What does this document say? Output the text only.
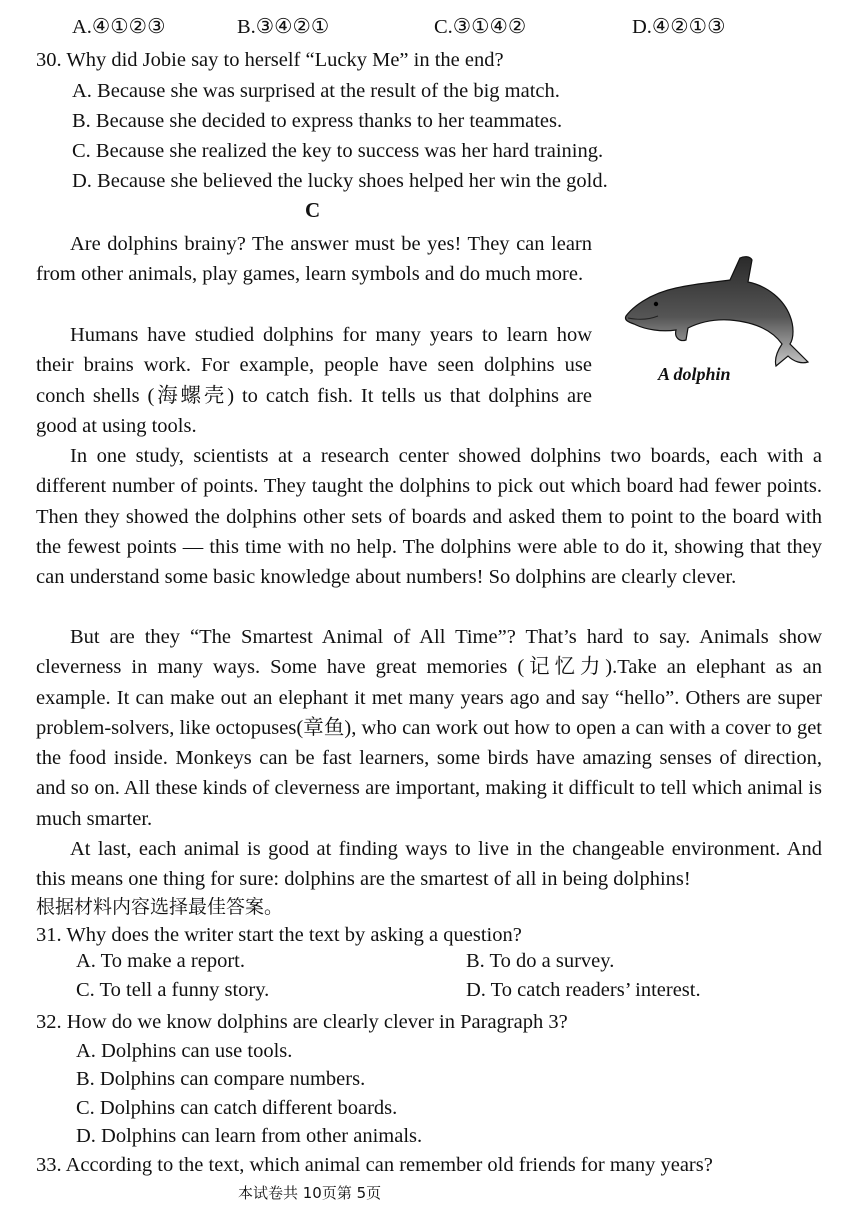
A.④①②③	B.③④②①	C.③①④②	D.④②①③
30. Why did Jobie say to herself “Lucky Me” in the end?
A. Because she was surprised at the result of the big match.
B. Because she decided to express thanks to her teammates.
C. Because she realized the key to success was her hard training.
D. Because she believed the lucky shoes helped her win the gold.
C
A dolphin
Are dolphins brainy? The answer must be yes! They can learn from other animals, play games, learn symbols and do much more.
Humans have studied dolphins for many years to learn how their brains work. For example, people have seen dolphins use conch shells (海螺壳) to catch fish. It tells us that dolphins are good at using tools.
In one study, scientists at a research center showed dolphins two boards, each with a different number of points. They taught the dolphins to pick out which board had fewer points. Then they showed the dolphins other sets of boards and asked them to point to the board with the fewest points — this time with no help. The dolphins were able to do it, showing that they can understand some basic knowledge about numbers! So dolphins are clearly clever.
But are they “The Smartest Animal of All Time”? That’s hard to say. Animals show cleverness in many ways. Some have great memories (记忆力).Take an elephant as an example. It can make out an elephant it met many years ago and say “hello”. Others are super problem-solvers, like octopuses(章鱼), who can work out how to open a can with a cover to get the food inside. Monkeys can be fast learners, some birds have amazing senses of direction, and so on. All these kinds of cleverness are important, making it difficult to tell which animal is much smarter.
At last, each animal is good at finding ways to live in the changeable environment. And this means one thing for sure: dolphins are the smartest of all in being dolphins!
根据材料内容选择最佳答案。
31. Why does the writer start the text by asking a question?
A. To make a report.	B. To do a survey.
C. To tell a funny story.	D. To catch readers’ interest.
32. How do we know dolphins are clearly clever in Paragraph 3?
A. Dolphins can use tools.
B. Dolphins can compare numbers.
C. Dolphins can catch different boards.
D. Dolphins can learn from other animals.
33. According to the text, which animal can remember old friends for many years?
本试卷共 10页第 5页
